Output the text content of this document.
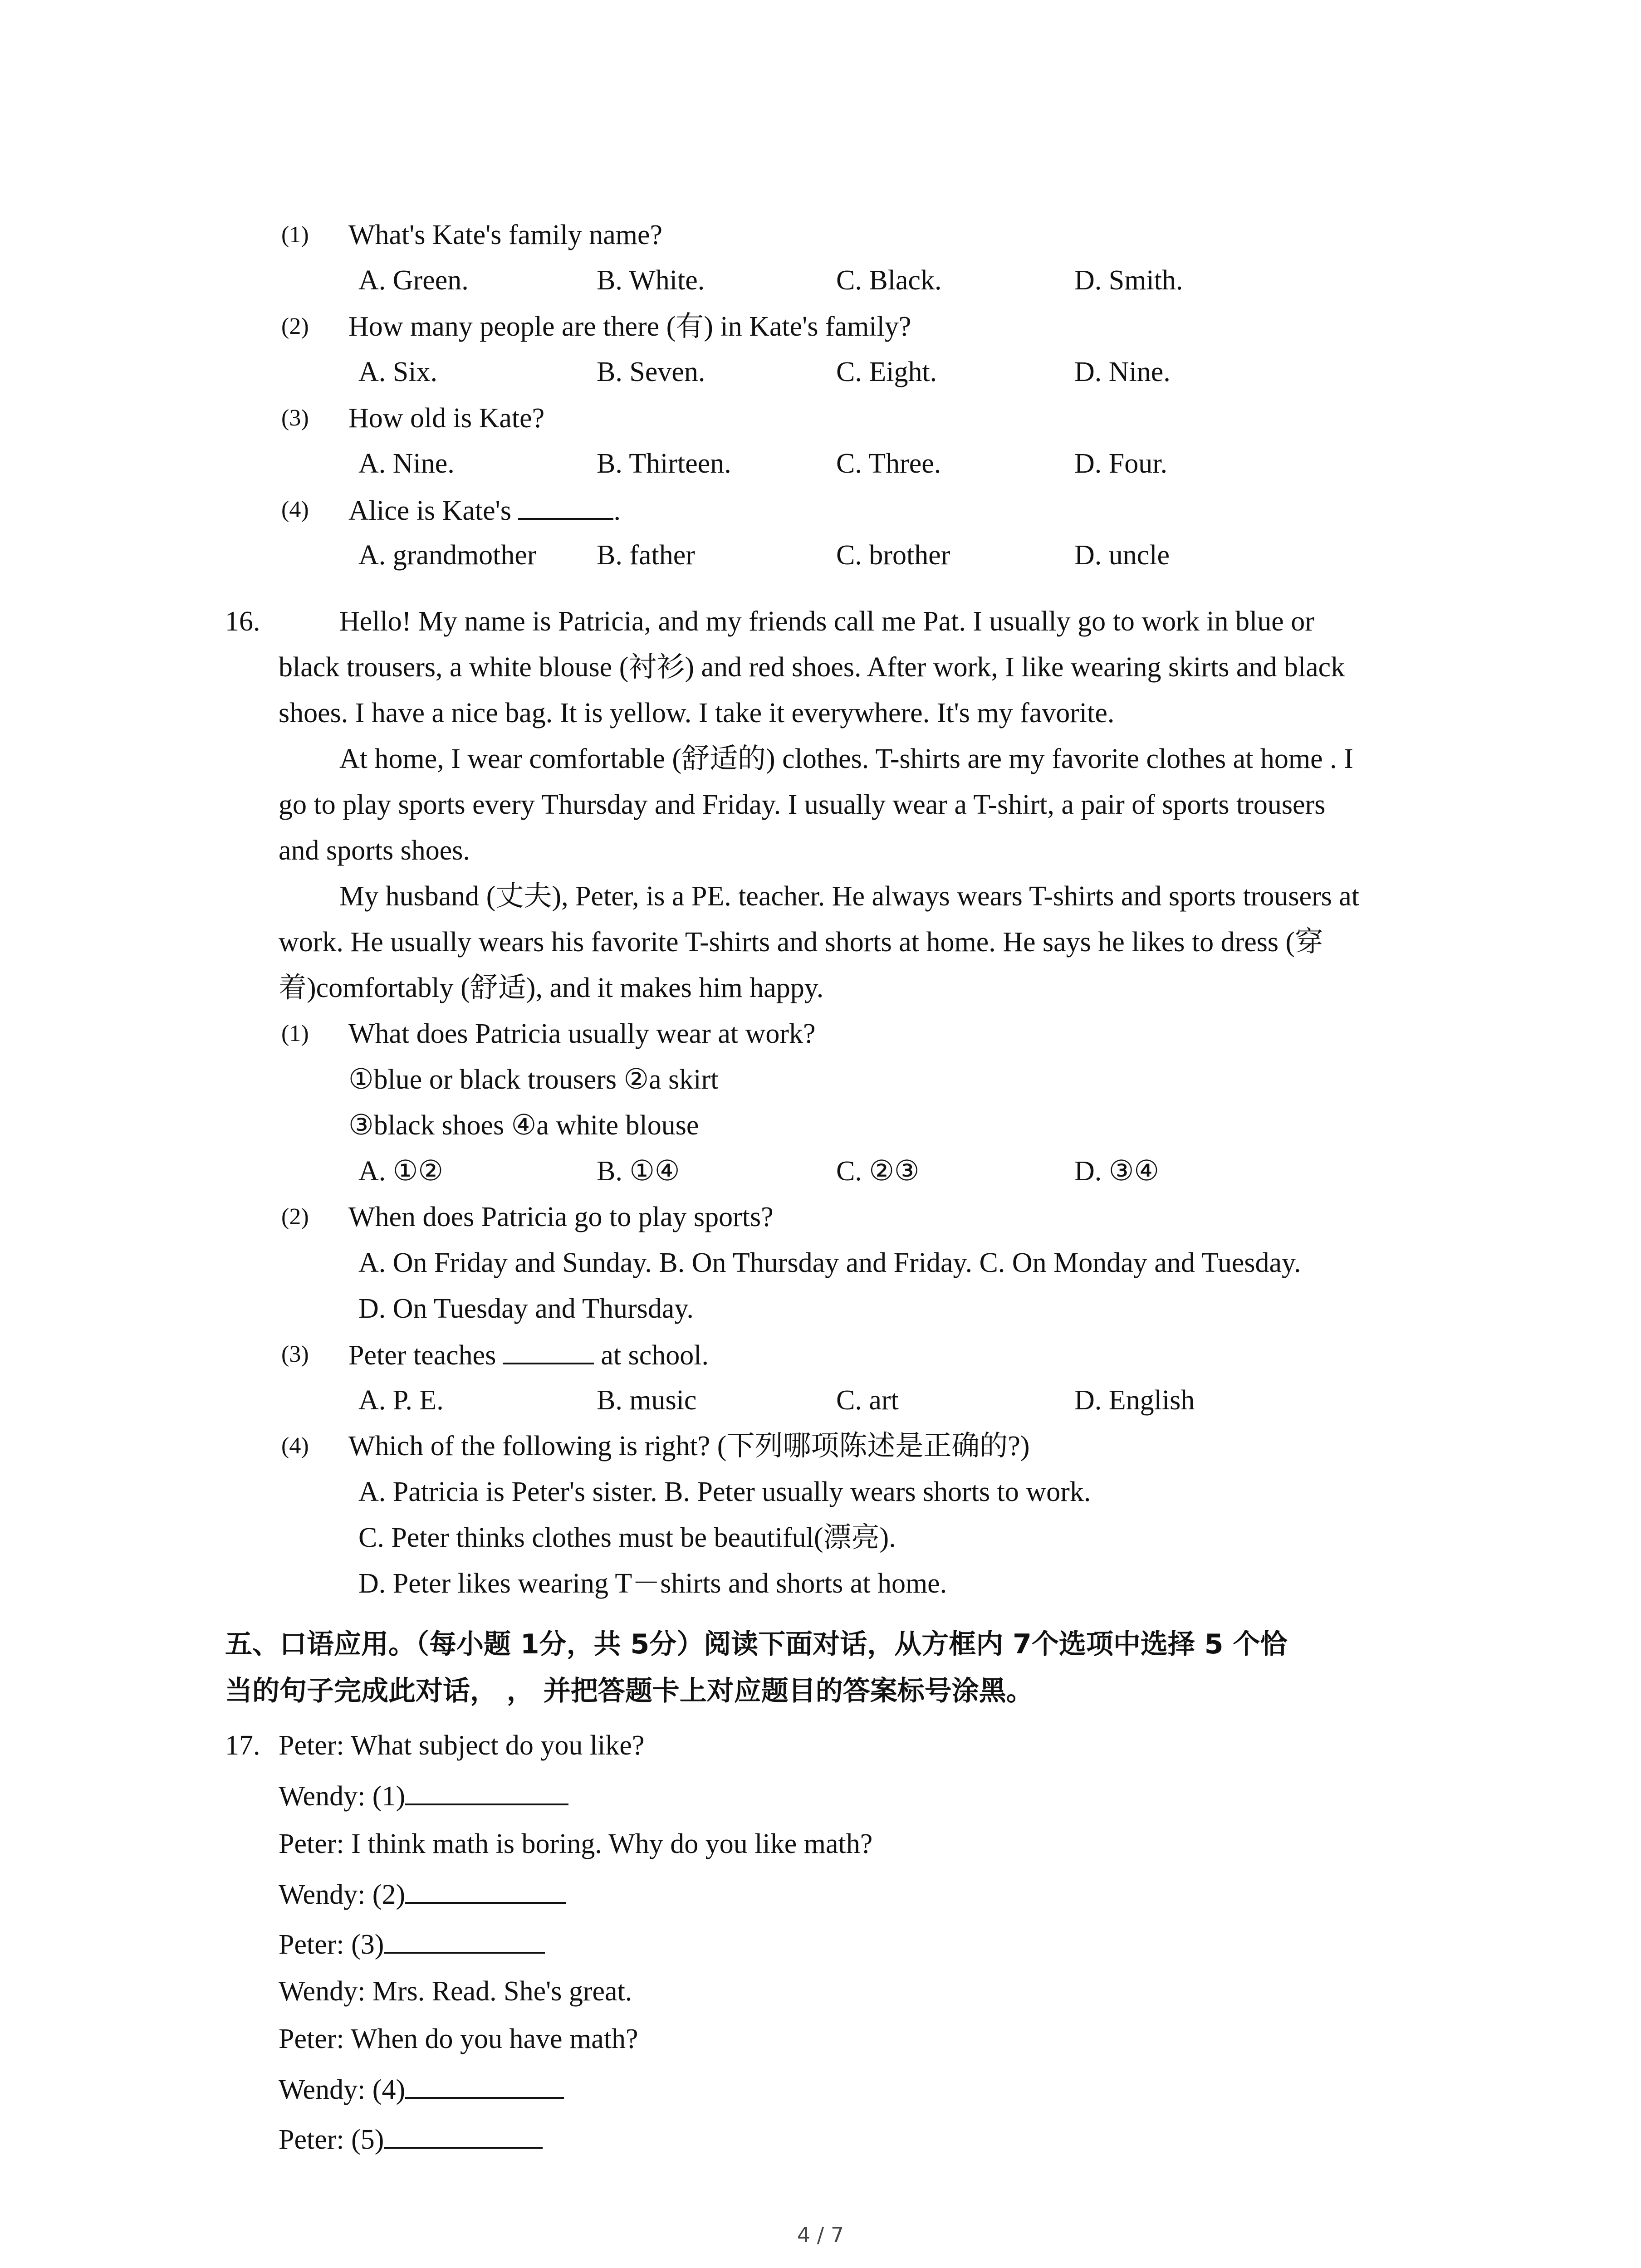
(1) What's Kate's family name?
A. Green.	B. White.	C. Black.	D. Smith.
(2) How many people are there (有) in Kate's family?
A. Six.	B. Seven.	C. Eight.	D. Nine.
(3) How old is Kate?
A. Nine.	B. Thirteen.	C. Three.	D. Four.
(4) Alice is Kate's	.
A. grandmother B. father	C. brother	D. uncle
16.	Hello! My name is Patricia, and my friends call me Pat. I usually go to work in blue or
black trousers, a white blouse (衬衫) and red shoes. After work, I like wearing skirts and black
shoes. I have a nice bag. It is yellow. I take it everywhere. It's my favorite.
At home, I wear comfortable (舒适的) clothes. T-shirts are my favorite clothes at home . I
go to play sports every Thursday and Friday. I usually wear a T-shirt, a pair of sports trousers
and sports shoes.
My husband (丈夫), Peter, is a PE. teacher. He always wears T-shirts and sports trousers at
work. He usually wears his favorite T-shirts and shorts at home. He says he likes to dress (穿
着)comfortably (舒适), and it makes him happy.
(1) What does Patricia usually wear at work?
①blue or black trousers ②a skirt
③black shoes ④a white blouse
A. ①②	B. ①④	C. ②③	D. ③④
(2) When does Patricia go to play sports?
A. On Friday and Sunday. B. On Thursday and Friday. C. On Monday and Tuesday.
D. On Tuesday and Thursday.
(3) Peter teaches	at school.
A. P. E.	B. music	C. art	D. English
(4) Which of the following is right? (下列哪项陈述是正确的?)
A. Patricia is Peter's sister. B. Peter usually wears shorts to work.
C. Peter thinks clothes must be beautiful(漂亮).
D. Peter likes wearing T－shirts and shorts at home.
五、口语应用。（每小题 1分，共 5分）阅读下面对话，从方框内 7个选项中选择 5 个恰
当的句子完成此对话， ， 并把答题卡上对应题目的答案标号涂黑。
17. Peter: What subject do you like?
Wendy: (1)
Peter: I think math is boring. Why do you like math?
Wendy: (2)
Peter: (3)
Wendy: Mrs. Read. She's great.
Peter: When do you have math?
Wendy: (4)
Peter: (5)
4 / 7
